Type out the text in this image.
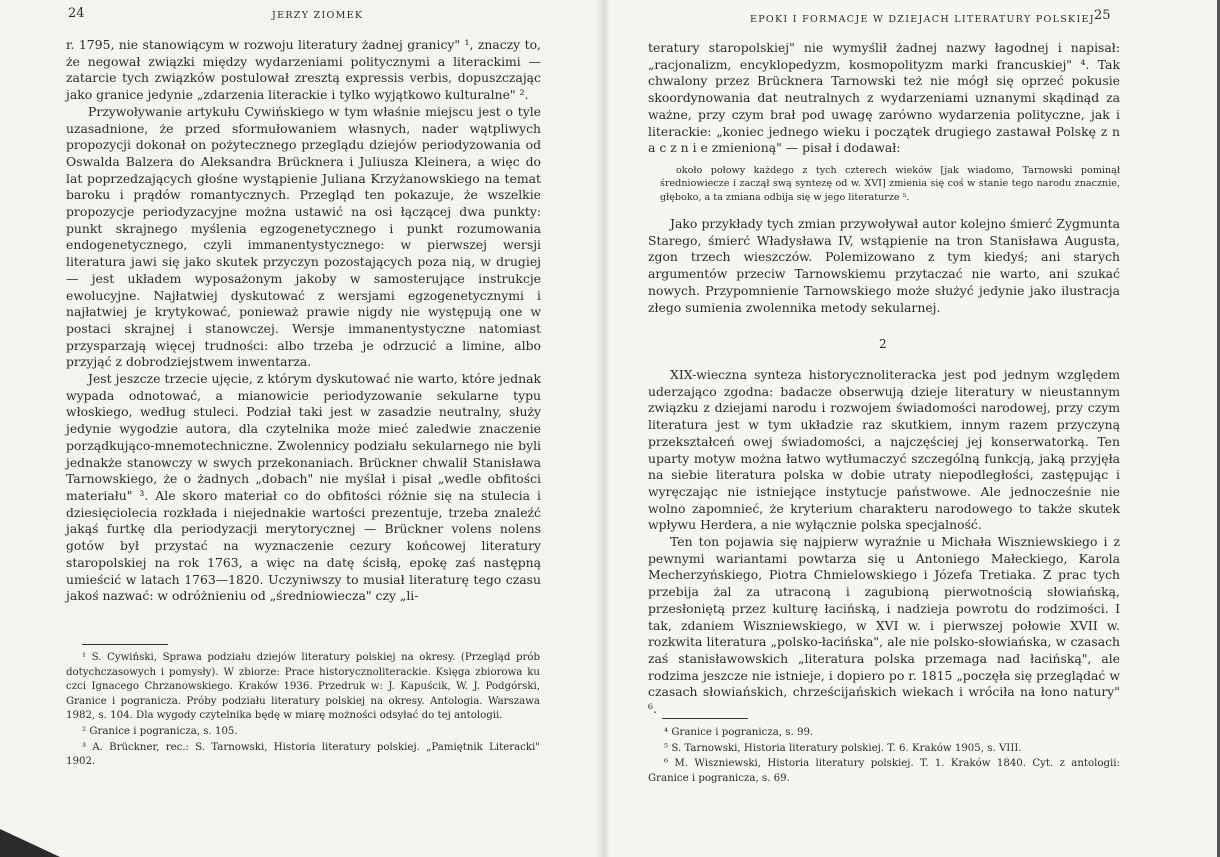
24	JERZY ZIOMEK

r. 1795, nie stanowiącym w rozwoju literatury żadnej granicy" ¹, znaczy to, że negował związki między wydarzeniami politycznymi a literackimi — zatarcie tych związków postulował zresztą expressis verbis, dopuszczając jako granice jedynie „zdarzenia literackie i tylko wyjątkowo kulturalne" ².

Przywoływanie artykułu Cywińskiego w tym właśnie miejscu jest o tyle uzasadnione, że przed sformułowaniem własnych, nader wątpliwych propozycji dokonał on pożytecznego przeglądu dziejów periodyzowania od Oswalda Balzera do Aleksandra Brücknera i Juliusza Kleinera, a więc do lat poprzedzających głośne wystąpienie Juliana Krzyżanowskiego na temat baroku i prądów romantycznych. Przegląd ten pokazuje, że wszelkie propozycje periodyzacyjne można ustawić na osi łączącej dwa punkty: punkt skrajnego myślenia egzogenetycznego i punkt rozumowania endogenetycznego, czyli immanentystycznego: w pierwszej wersji literatura jawi się jako skutek przyczyn pozostających poza nią, w drugiej — jest układem wyposażonym jakoby w samosterujące instrukcje ewolucyjne. Najłatwiej dyskutować z wersjami egzogenetycznymi i najłatwiej je krytykować, ponieważ prawie nigdy nie występują one w postaci skrajnej i stanowczej. Wersje immanentystyczne natomiast przysparzają więcej trudności: albo trzeba je odrzucić a limine, albo przyjąć z dobrodziejstwem inwentarza.

Jest jeszcze trzecie ujęcie, z którym dyskutować nie warto, które jednak wypada odnotować, a mianowicie periodyzowanie sekularne typu włoskiego, według stuleci. Podział taki jest w zasadzie neutralny, służy jedynie wygodzie autora, dla czytelnika może mieć zaledwie znaczenie porządkująco-mnemotechniczne. Zwolennicy podziału sekularnego nie byli jednakże stanowczy w swych przekonaniach. Brückner chwalił Stanisława Tarnowskiego, że o żadnych „dobach" nie myślał i pisał „wedle obfitości materiału" ³. Ale skoro materiał co do obfitości różnie się na stulecia i dziesięciolecia rozkłada i niejednakie wartości prezentuje, trzeba znaleźć jakąś furtkę dla periodyzacji merytorycznej — Brückner volens nolens gotów był przystać na wyznaczenie cezury końcowej literatury staropolskiej na rok 1763, a więc na datę ścisłą, epokę zaś następną umieścić w latach 1763—1820. Uczyniwszy to musiał literaturę tego czasu jakoś nazwać: w odróżnieniu od „średniowiecza" czy „li-

¹ S. Cywiński, Sprawa podziału dziejów literatury polskiej na okresy. (Przegląd prób dotychczasowych i pomysły). W zbiorze: Prace historycznoliterackie. Księga zbiorowa ku czci Ignacego Chrzanowskiego. Kraków 1936. Przedruk w: J. Kapuścik, W. J. Podgórski, Granice i pogranicza. Próby podziału literatury polskiej na okresy. Antologia. Warszawa 1982, s. 104. Dla wygody czytelnika będę w miarę możności odsyłać do tej antologii.

² Granice i pogranicza, s. 105.

³ A. Brückner, rec.: S. Tarnowski, Historia literatury polskiej. „Pamiętnik Literacki" 1902.

EPOKI I FORMACJE W DZIEJACH LITERATURY POLSKIEJ 25

teratury staropolskiej" nie wymyślił żadnej nazwy łagodnej i napisał: „racjonalizm, encyklopedyzm, kosmopolityzm marki francuskiej" ⁴. Tak chwalony przez Brücknera Tarnowski też nie mógł się oprzeć pokusie skoordynowania dat neutralnych z wydarzeniami uznanymi skądinąd za ważne, przy czym brał pod uwagę zarówno wydarzenia polityczne, jak i literackie: „koniec jednego wieku i początek drugiego zastawał Polskę z n a c z n i e zmienioną" — pisał i dodawał:

około połowy każdego z tych czterech wieków [jak wiadomo, Tarnowski pominął średniowiecze i zaczął swą syntezę od w. XVI] zmienia się coś w stanie tego narodu znacznie, głęboko, a ta zmiana odbija się w jego literaturze ⁵.

Jako przykłady tych zmian przywoływał autor kolejno śmierć Zygmunta Starego, śmierć Władysława IV, wstąpienie na tron Stanisława Augusta, zgon trzech wieszczów. Polemizowano z tym kiedyś; ani starych argumentów przeciw Tarnowskiemu przytaczać nie warto, ani szukać nowych. Przypomnienie Tarnowskiego może służyć jedynie jako ilustracja złego sumienia zwolennika metody sekularnej.

2

XIX-wieczna synteza historycznoliteracka jest pod jednym względem uderzająco zgodna: badacze obserwują dzieje literatury w nieustannym związku z dziejami narodu i rozwojem świadomości narodowej, przy czym literatura jest w tym układzie raz skutkiem, innym razem przyczyną przekształceń owej świadomości, a najczęściej jej konserwatorką. Ten uparty motyw można łatwo wytłumaczyć szczególną funkcją, jaką przyjęła na siebie literatura polska w dobie utraty niepodległości, zastępując i wyręczając nie istniejące instytucje państwowe. Ale jednocześnie nie wolno zapomnieć, że kryterium charakteru narodowego to także skutek wpływu Herdera, a nie wyłącznie polska specjalność.

Ten ton pojawia się najpierw wyraźnie u Michała Wiszniewskiego i z pewnymi wariantami powtarza się u Antoniego Małeckiego, Karola Mecherzyńskiego, Piotra Chmielowskiego i Józefa Tretiaka. Z prac tych przebija żal za utraconą i zagubioną pierwotnością słowiańską, przesłoniętą przez kulturę łacińską, i nadzieja powrotu do rodzimości. I tak, zdaniem Wiszniewskiego, w XVI w. i pierwszej połowie XVII w. rozkwita literatura „polsko-łacińska", ale nie polsko-słowiańska, w czasach zaś stanisławowskich „literatura polska przemaga nad łacińską", ale rodzima jeszcze nie istnieje, i dopiero po r. 1815 „poczęła się przeglądać w czasach słowiańskich, chrześcijańskich wiekach i wróciła na łono natury" ⁶.

⁴ Granice i pogranicza, s. 99.

⁵ S. Tarnowski, Historia literatury polskiej. T. 6. Kraków 1905, s. VIII.

⁶ M. Wiszniewski, Historia literatury polskiej. T. 1. Kraków 1840. Cyt. z antologii: Granice i pogranicza, s. 69.
